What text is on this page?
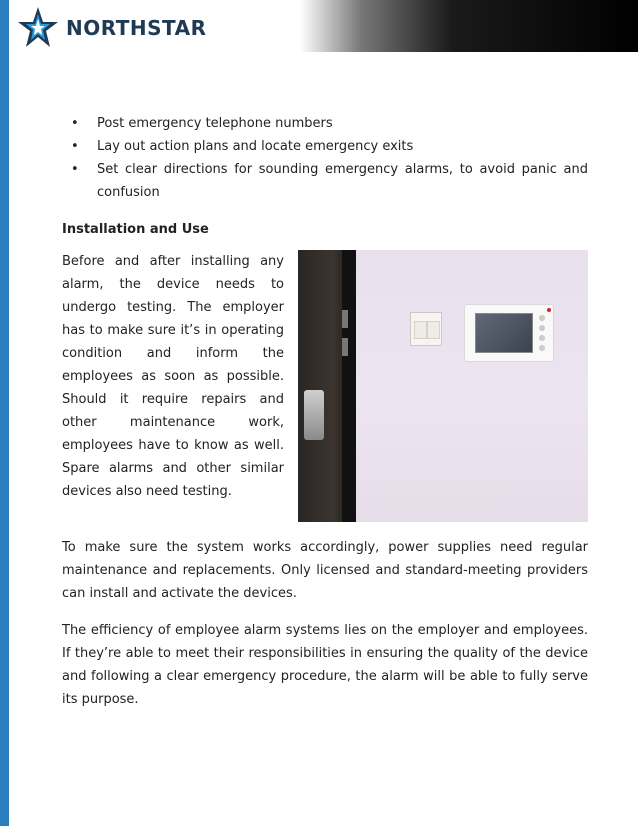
NORTHSTAR
• Post emergency telephone numbers
• Lay out action plans and locate emergency exits
• Set clear directions for sounding emergency alarms, to avoid panic and confusion
Installation and Use

Before and after installing any alarm, the device needs to undergo testing. The employer has to make sure it’s in operating condition and inform the employees as soon as possible. Should it require repairs and other maintenance work, employees have to know as well. Spare alarms and other similar devices also need testing.

To make sure the system works accordingly, power supplies need regular maintenance and replacements. Only licensed and standard-meeting providers can install and activate the devices.

The efficiency of employee alarm systems lies on the employer and employees. If they’re able to meet their responsibilities in ensuring the quality of the device and following a clear emergency procedure, the alarm will be able to fully serve its purpose.
